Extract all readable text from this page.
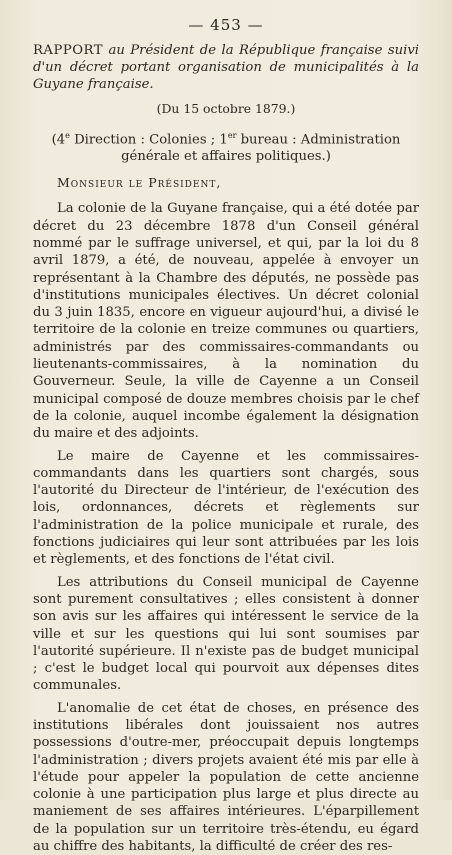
— 453 —

RAPPORT au Président de la République française suivi d'un décret portant organisation de municipalités à la Guyane française.

(Du 15 octobre 1879.)
(4e Direction : Colonies ; 1er bureau : Administration générale et affaires politiques.)
Monsieur le Président,

La colonie de la Guyane française, qui a été dotée par décret du 23 décembre 1878 d'un Conseil général nommé par le suffrage universel, et qui, par la loi du 8 avril 1879, a été, de nouveau, appelée à envoyer un représentant à la Chambre des députés, ne possède pas d'institutions municipales électives. Un décret colonial du 3 juin 1835, encore en vigueur aujourd'hui, a divisé le territoire de la colonie en treize communes ou quartiers, administrés par des commissaires-commandants ou lieutenants-commissaires, à la nomination du Gouverneur. Seule, la ville de Cayenne a un Conseil municipal composé de douze membres choisis par le chef de la colonie, auquel incombe également la désignation du maire et des adjoints.

Le maire de Cayenne et les commissaires-commandants dans les quartiers sont chargés, sous l'autorité du Directeur de l'intérieur, de l'exécution des lois, ordonnances, décrets et règlements sur l'administration de la police municipale et rurale, des fonctions judiciaires qui leur sont attribuées par les lois et règlements, et des fonctions de l'état civil.

Les attributions du Conseil municipal de Cayenne sont purement consultatives ; elles consistent à donner son avis sur les affaires qui intéressent le service de la ville et sur les questions qui lui sont soumises par l'autorité supérieure. Il n'existe pas de budget municipal ; c'est le budget local qui pourvoit aux dépenses dites communales.

L'anomalie de cet état de choses, en présence des institutions libérales dont jouissaient nos autres possessions d'outre-mer, préoccupait depuis longtemps l'administration ; divers projets avaient été mis par elle à l'étude pour appeler la population de cette ancienne colonie à une participation plus large et plus directe au maniement de ses affaires intérieures. L'éparpillement de la population sur un territoire très-étendu, eu égard au chiffre des habitants, la difficulté de créer des res-
